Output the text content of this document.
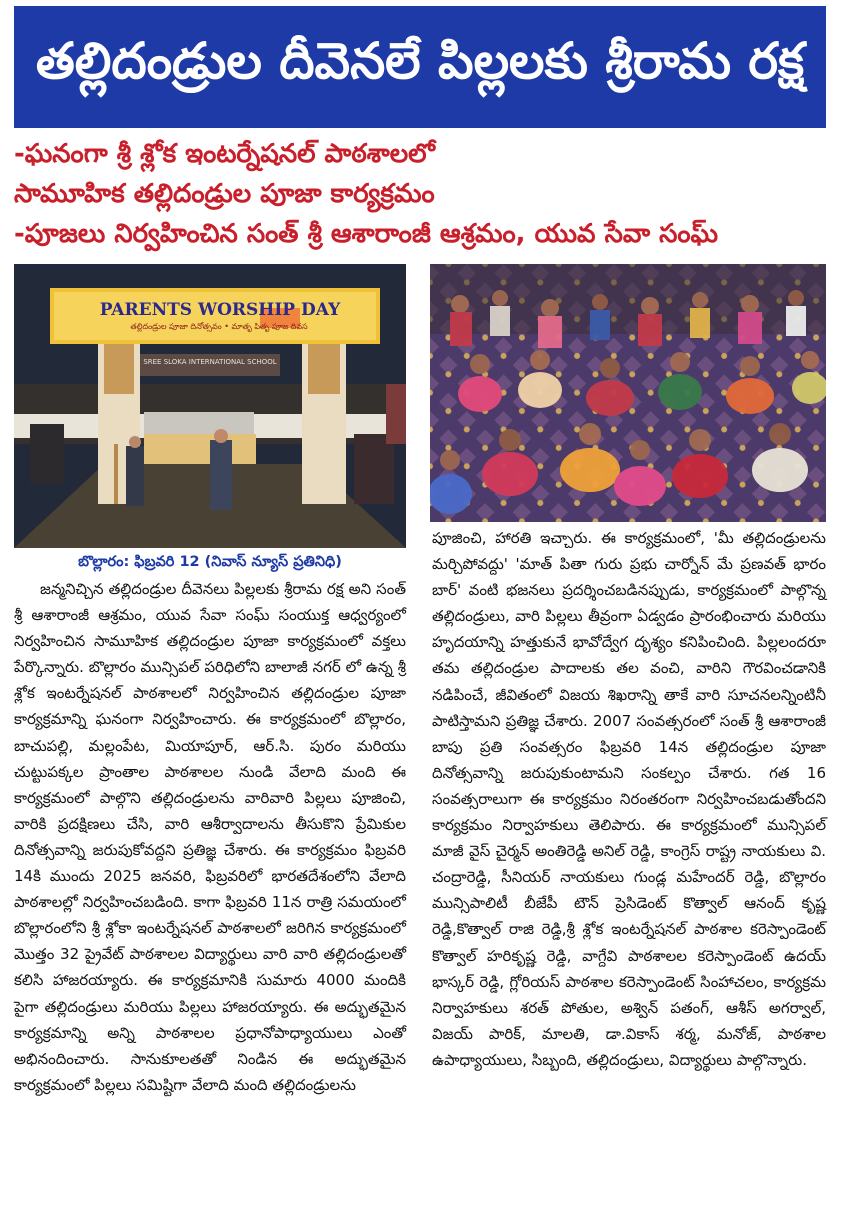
తల్లిదండ్రుల దీవెనలే పిల్లలకు శ్రీరామ రక్ష
-ఘనంగా శ్రీ శ్లోక ఇంటర్నేషనల్ పాఠశాలలో
సామూహిక తల్లిదండ్రుల పూజా కార్యక్రమం
-పూజలు నిర్వహించిన సంత్ శ్రీ ఆశారాంజీ ఆశ్రమం, యువ సేవా సంఘ్
PARENTS WORSHIP DAY
తల్లిదండ్రుల పూజా దినోత్సవం • మాతృ పితృ పూజ దివస
SREE SLOKA INTERNATIONAL SCHOOL
బొల్లారం: ఫిబ్రవరి 12 (నివాస్ న్యూస్ ప్రతినిధి)

జన్మనిచ్చిన తల్లిదండ్రుల దీవెనలు పిల్లలకు శ్రీరామ రక్ష అని సంత్ శ్రీ ఆశారాంజీ ఆశ్రమం, యువ సేవా సంఘ్ సంయుక్త ఆధ్వర్యంలో నిర్వహించిన సామూహిక తల్లిదండ్రుల పూజా కార్యక్రమంలో వక్తలు పేర్కొన్నారు. బొల్లారం మున్సిపల్ పరిధిలోని బాలాజీ నగర్ లో ఉన్న శ్రీ శ్లోక ఇంటర్నేషనల్ పాఠశాలలో నిర్వహించిన తల్లిదండ్రుల పూజా కార్యక్రమాన్ని ఘనంగా నిర్వహించారు. ఈ కార్యక్రమంలో బొల్లారం, బాచుపల్లి, మల్లంపేట, మియాపూర్, ఆర్.సి. పురం మరియు చుట్టుపక్కల ప్రాంతాల పాఠశాలల నుండి వేలాది మంది ఈ కార్యక్రమంలో పాల్గొని తల్లిదండ్రులను వారివారి పిల్లలు పూజించి, వారికి ప్రదక్షిణలు చేసి, వారి ఆశీర్వాదాలను తీసుకొని ప్రేమికుల దినోత్సవాన్ని జరుపుకోవద్దని ప్రతిజ్ఞ చేశారు. ఈ కార్యక్రమం ఫిబ్రవరి 14కి ముందు 2025 జనవరి, ఫిబ్రవరిలో భారతదేశంలోని వేలాది పాఠశాలల్లో నిర్వహించబడింది. కాగా ఫిబ్రవరి 11న రాత్రి సమయంలో బొల్లారంలోని శ్రీ శ్లోకా ఇంటర్నేషనల్ పాఠశాలలో జరిగిన కార్యక్రమంలో మొత్తం 32 ప్రైవేట్ పాఠశాలల విద్యార్థులు వారి వారి తల్లిదండ్రులతో కలిసి హాజరయ్యారు. ఈ కార్యక్రమానికి సుమారు 4000 మందికి పైగా తల్లిదండ్రులు మరియు పిల్లలు హాజరయ్యారు. ఈ అద్భుతమైన కార్యక్రమాన్ని అన్ని పాఠశాలల ప్రధానోపాధ్యాయులు ఎంతో అభినందించారు. సానుకూలతతో నిండిన ఈ అద్భుతమైన కార్యక్రమంలో పిల్లలు సమిష్టిగా వేలాది మంది తల్లిదండ్రులను

పూజించి, హారతి ఇచ్చారు. ఈ కార్యక్రమంలో, 'మీ తల్లిదండ్రులను మర్చిపోవద్దు' 'మాత్ పితా గురు ప్రభు చార్నోన్ మే ప్రణవత్ భారం బార్' వంటి భజనలు ప్రదర్శించబడినప్పుడు, కార్యక్రమంలో పాల్గొన్న తల్లిదండ్రులు, వారి పిల్లలు తీవ్రంగా ఏడ్వడం ప్రారంభించారు మరియు హృదయాన్ని హత్తుకునే భావోద్వేగ దృశ్యం కనిపించింది. పిల్లలందరూ తమ తల్లిదండ్రుల పాదాలకు తల వంచి, వారిని గౌరవించడానికి నడిపించే, జీవితంలో విజయ శిఖరాన్ని తాకే వారి సూచనలన్నింటినీ పాటిస్తామని ప్రతిజ్ఞ చేశారు. 2007 సంవత్సరంలో సంత్ శ్రీ ఆశారాంజీ బాపు ప్రతి సంవత్సరం ఫిబ్రవరి 14న తల్లిదండ్రుల పూజా దినోత్సవాన్ని జరుపుకుంటామని సంకల్పం చేశారు. గత 16 సంవత్సరాలుగా ఈ కార్యక్రమం నిరంతరంగా నిర్వహించబడుతోందని కార్యక్రమం నిర్వాహకులు తెలిపారు. ఈ కార్యక్రమంలో మున్సిపల్ మాజీ వైస్ చైర్మన్ అంతిరెడ్డి అనిల్ రెడ్డి, కాంగ్రెస్ రాష్ట్ర నాయకులు వి. చంద్రారెడ్డి, సీనియర్ నాయకులు గుండ్ల మహేందర్ రెడ్డి, బొల్లారం మున్సిపాలిటీ బీజేపీ టౌన్ ప్రెసిడెంట్ కొత్వాల్ ఆనంద్ కృష్ణ రెడ్డి,కొత్వాల్ రాజి రెడ్డి,శ్రీ శ్లోక ఇంటర్నేషనల్ పాఠశాల కరెస్పాండెంట్ కొత్వాల్ హరికృష్ణ రెడ్డి, వాగ్దేవి పాఠశాలల కరెస్పాండెంట్ ఉదయ్ భాస్కర్ రెడ్డి, గ్లోరియస్ పాఠశాల కరెస్పాండెంట్ సింహాచలం, కార్యక్రమ నిర్వాహకులు శరత్ పోతుల, అశ్విన్ పతంగ్, ఆశీస్ అగర్వాల్, విజయ్ పారిక్, మాలతి, డా.వికాస్ శర్మ, మనోజ్, పాఠశాల ఉపాధ్యాయులు, సిబ్బంది, తల్లిదండ్రులు, విద్యార్థులు పాల్గొన్నారు.
